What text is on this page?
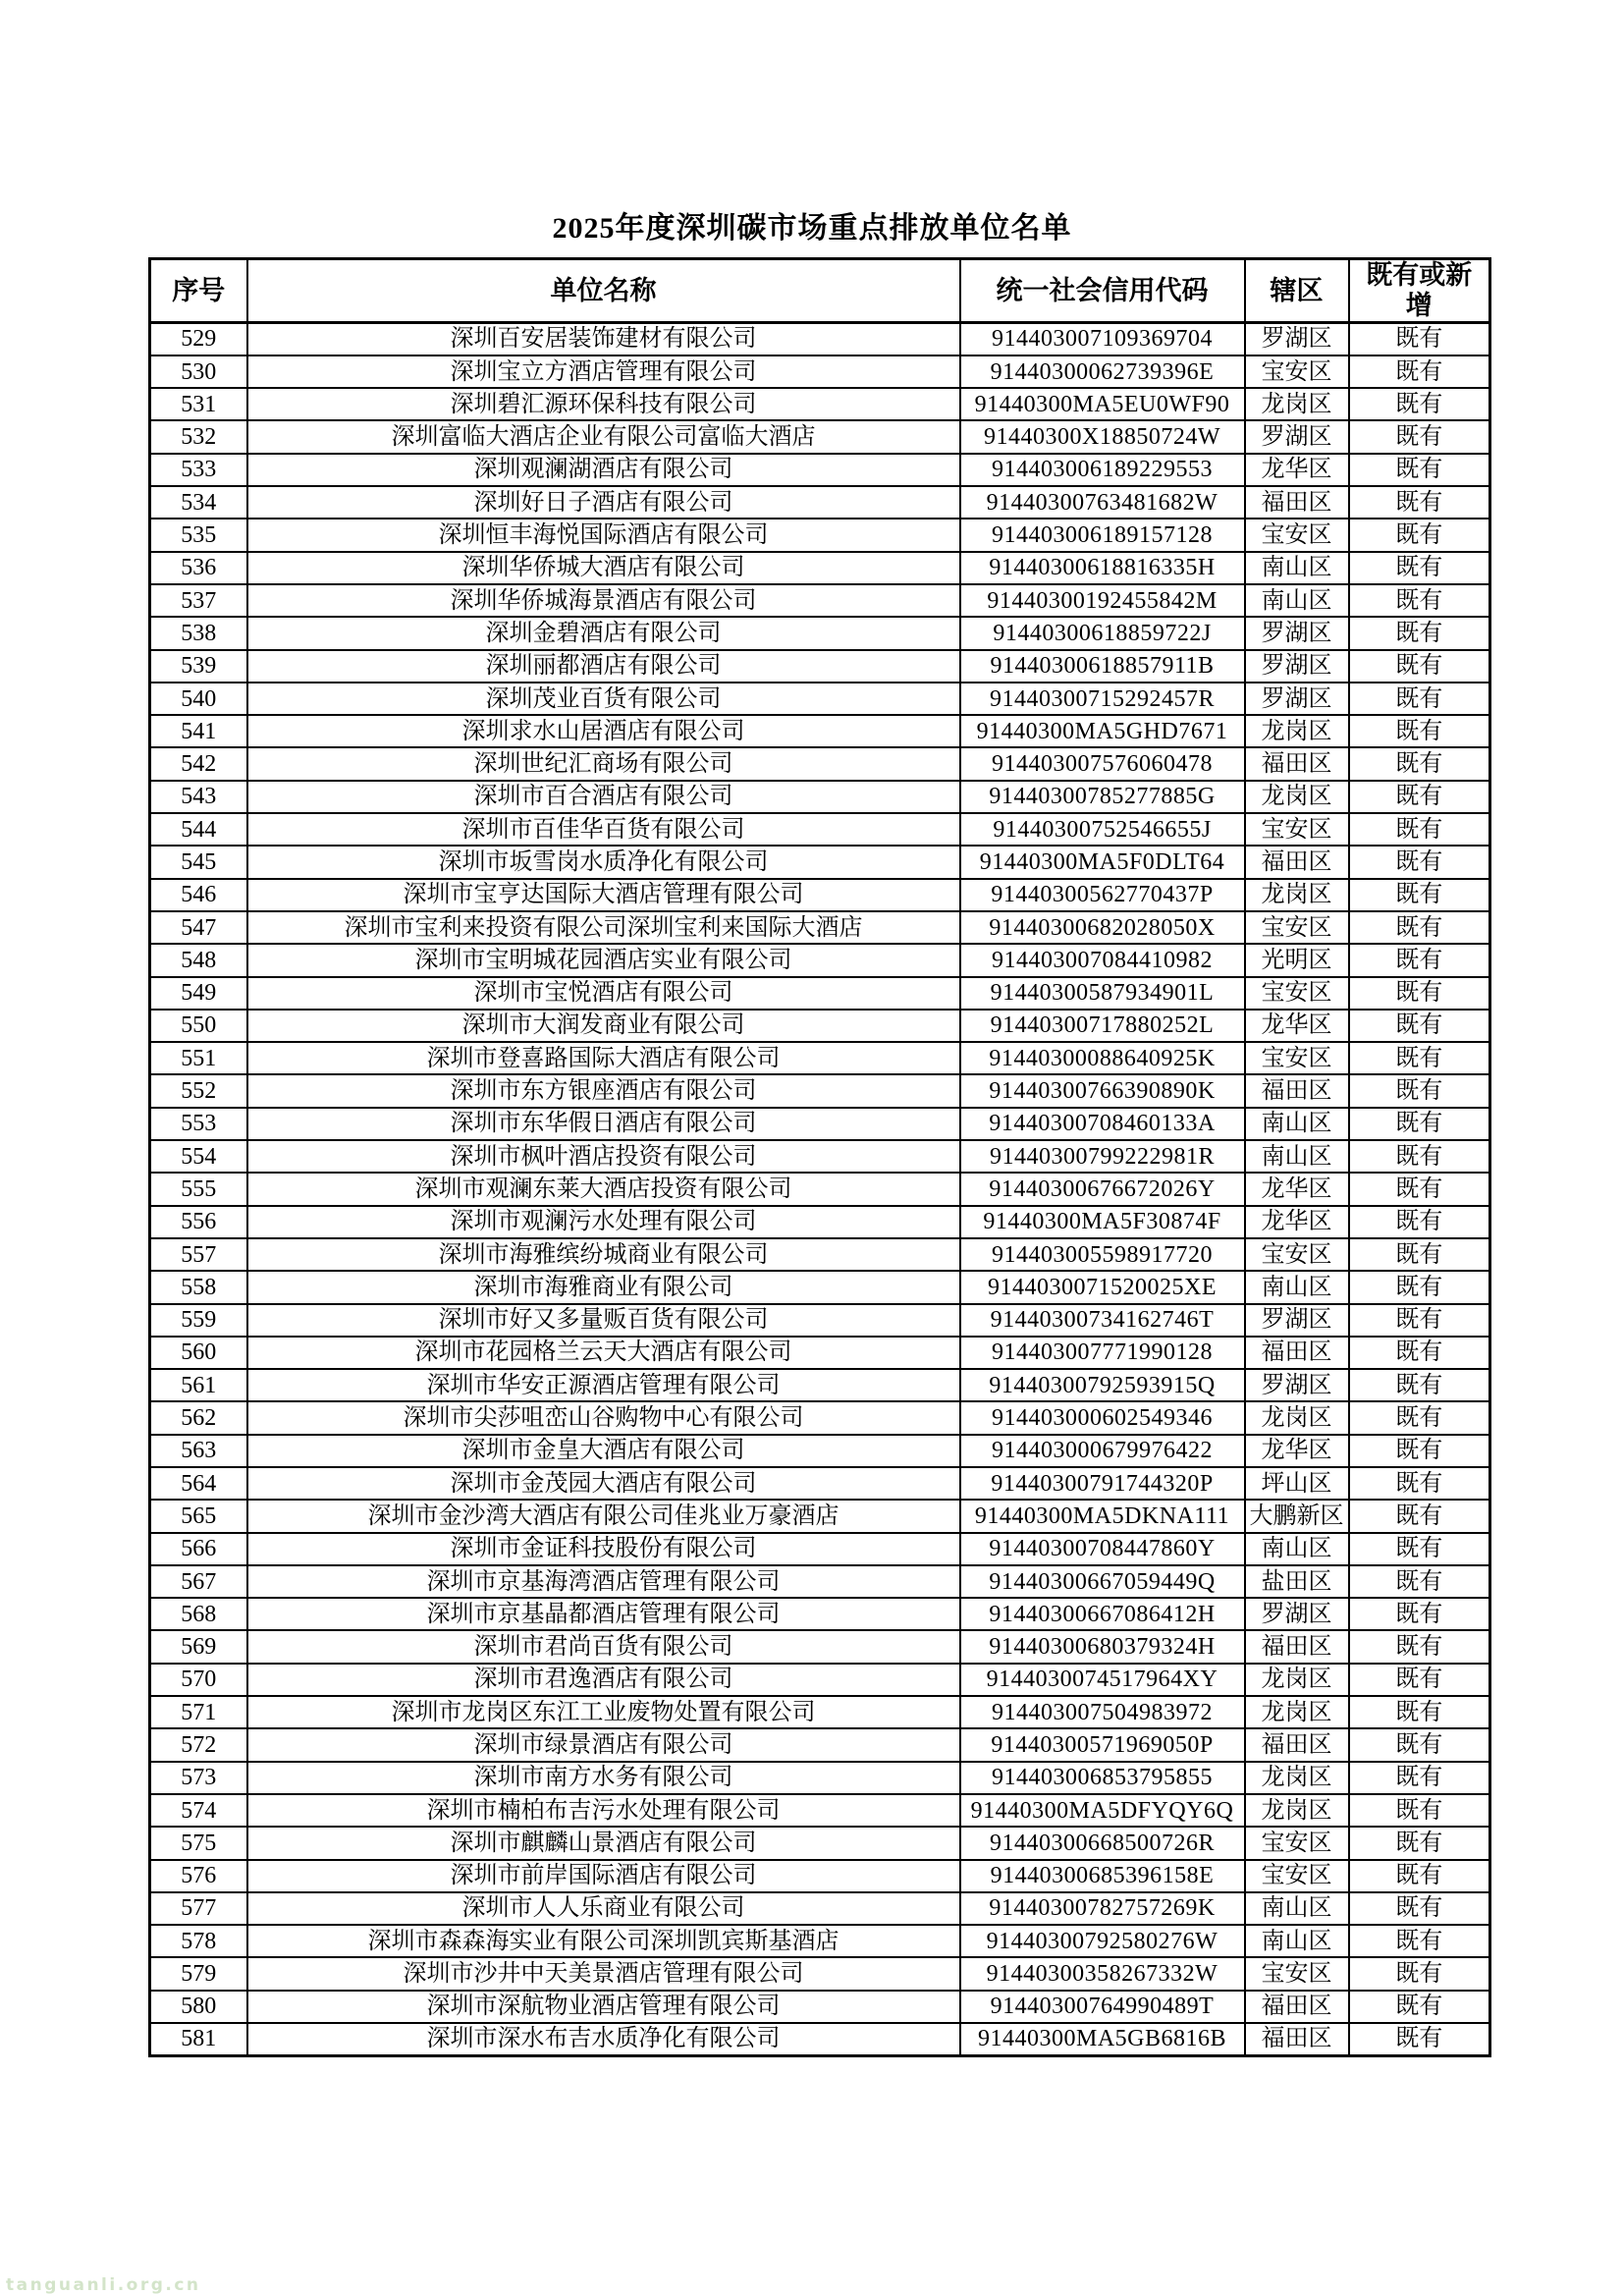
2025年度深圳碳市场重点排放单位名单
序号	单位名称	统一社会信用代码	辖区	既有或新增
529	深圳百安居装饰建材有限公司	914403007109369704	罗湖区	既有
530	深圳宝立方酒店管理有限公司	91440300062739396E	宝安区	既有
531	深圳碧汇源环保科技有限公司	91440300MA5EU0WF90	龙岗区	既有
532	深圳富临大酒店企业有限公司富临大酒店	91440300X18850724W	罗湖区	既有
533	深圳观澜湖酒店有限公司	914403006189229553	龙华区	既有
534	深圳好日子酒店有限公司	91440300763481682W	福田区	既有
535	深圳恒丰海悦国际酒店有限公司	914403006189157128	宝安区	既有
536	深圳华侨城大酒店有限公司	91440300618816335H	南山区	既有
537	深圳华侨城海景酒店有限公司	91440300192455842M	南山区	既有
538	深圳金碧酒店有限公司	91440300618859722J	罗湖区	既有
539	深圳丽都酒店有限公司	91440300618857911B	罗湖区	既有
540	深圳茂业百货有限公司	91440300715292457R	罗湖区	既有
541	深圳求水山居酒店有限公司	91440300MA5GHD7671	龙岗区	既有
542	深圳世纪汇商场有限公司	914403007576060478	福田区	既有
543	深圳市百合酒店有限公司	91440300785277885G	龙岗区	既有
544	深圳市百佳华百货有限公司	91440300752546655J	宝安区	既有
545	深圳市坂雪岗水质净化有限公司	91440300MA5F0DLT64	福田区	既有
546	深圳市宝亨达国际大酒店管理有限公司	91440300562770437P	龙岗区	既有
547	深圳市宝利来投资有限公司深圳宝利来国际大酒店	91440300682028050X	宝安区	既有
548	深圳市宝明城花园酒店实业有限公司	914403007084410982	光明区	既有
549	深圳市宝悦酒店有限公司	91440300587934901L	宝安区	既有
550	深圳市大润发商业有限公司	91440300717880252L	龙华区	既有
551	深圳市登喜路国际大酒店有限公司	91440300088640925K	宝安区	既有
552	深圳市东方银座酒店有限公司	91440300766390890K	福田区	既有
553	深圳市东华假日酒店有限公司	91440300708460133A	南山区	既有
554	深圳市枫叶酒店投资有限公司	91440300799222981R	南山区	既有
555	深圳市观澜东莱大酒店投资有限公司	91440300676672026Y	龙华区	既有
556	深圳市观澜污水处理有限公司	91440300MA5F30874F	龙华区	既有
557	深圳市海雅缤纷城商业有限公司	914403005598917720	宝安区	既有
558	深圳市海雅商业有限公司	9144030071520025XE	南山区	既有
559	深圳市好又多量贩百货有限公司	91440300734162746T	罗湖区	既有
560	深圳市花园格兰云天大酒店有限公司	914403007771990128	福田区	既有
561	深圳市华安正源酒店管理有限公司	91440300792593915Q	罗湖区	既有
562	深圳市尖莎咀峦山谷购物中心有限公司	914403000602549346	龙岗区	既有
563	深圳市金皇大酒店有限公司	914403000679976422	龙华区	既有
564	深圳市金茂园大酒店有限公司	91440300791744320P	坪山区	既有
565	深圳市金沙湾大酒店有限公司佳兆业万豪酒店	91440300MA5DKNA111	大鹏新区	既有
566	深圳市金证科技股份有限公司	91440300708447860Y	南山区	既有
567	深圳市京基海湾酒店管理有限公司	91440300667059449Q	盐田区	既有
568	深圳市京基晶都酒店管理有限公司	91440300667086412H	罗湖区	既有
569	深圳市君尚百货有限公司	91440300680379324H	福田区	既有
570	深圳市君逸酒店有限公司	9144030074517964XY	龙岗区	既有
571	深圳市龙岗区东江工业废物处置有限公司	914403007504983972	龙岗区	既有
572	深圳市绿景酒店有限公司	91440300571969050P	福田区	既有
573	深圳市南方水务有限公司	914403006853795855	龙岗区	既有
574	深圳市楠柏布吉污水处理有限公司	91440300MA5DFYQY6Q	龙岗区	既有
575	深圳市麒麟山景酒店有限公司	91440300668500726R	宝安区	既有
576	深圳市前岸国际酒店有限公司	91440300685396158E	宝安区	既有
577	深圳市人人乐商业有限公司	91440300782757269K	南山区	既有
578	深圳市森森海实业有限公司深圳凯宾斯基酒店	91440300792580276W	南山区	既有
579	深圳市沙井中天美景酒店管理有限公司	91440300358267332W	宝安区	既有
580	深圳市深航物业酒店管理有限公司	91440300764990489T	福田区	既有
581	深圳市深水布吉水质净化有限公司	91440300MA5GB6816B	福田区	既有
tanguanli.org.cn
